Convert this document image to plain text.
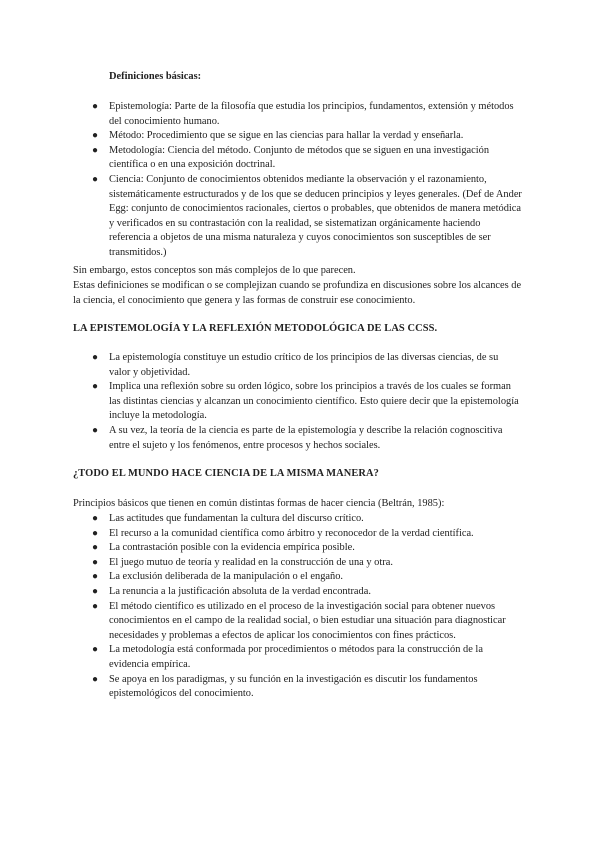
Definiciones básicas:
● Epistemología: Parte de la filosofía que estudia los principios, fundamentos, extensión y métodos del conocimiento humano.
● Método: Procedimiento que se sigue en las ciencias para hallar la verdad y enseñarla.
● Metodología: Ciencia del método. Conjunto de métodos que se siguen en una investigación científica o en una exposición doctrinal.
● Ciencia: Conjunto de conocimientos obtenidos mediante la observación y el razonamiento, sistemáticamente estructurados y de los que se deducen principios y leyes generales. (Def de Ander Egg: conjunto de conocimientos racionales, ciertos o probables, que obtenidos de manera metódica y verificados en su contrastación con la realidad, se sistematizan orgánicamente haciendo referencia a objetos de una misma naturaleza y cuyos conocimientos son susceptibles de ser transmitidos.)
Sin embargo, estos conceptos son más complejos de lo que parecen.
Estas definiciones se modifican o se complejizan cuando se profundiza en discusiones sobre los alcances de la ciencia, el conocimiento que genera y las formas de construir ese conocimiento.
LA EPISTEMOLOGÍA Y LA REFLEXIÓN METODOLÓGICA DE LAS CCSS.
● La epistemología constituye un estudio crítico de los principios de las diversas ciencias, de su valor y objetividad.
● Implica una reflexión sobre su orden lógico, sobre los principios a través de los cuales se forman las distintas ciencias y alcanzan un conocimiento científico. Esto quiere decir que la epistemología incluye la metodología.
● A su vez, la teoría de la ciencia es parte de la epistemología y describe la relación cognoscitiva entre el sujeto y los fenómenos, entre procesos y hechos sociales.
¿TODO EL MUNDO HACE CIENCIA DE LA MISMA MANERA?
Principios básicos que tienen en común distintas formas de hacer ciencia (Beltrán, 1985):
● Las actitudes que fundamentan la cultura del discurso crítico.
● El recurso a la comunidad científica como árbitro y reconocedor de la verdad científica.
● La contrastación posible con la evidencia empírica posible.
● El juego mutuo de teoría y realidad en la construcción de una y otra.
● La exclusión deliberada de la manipulación o el engaño.
● La renuncia a la justificación absoluta de la verdad encontrada.
● El método científico es utilizado en el proceso de la investigación social para obtener nuevos conocimientos en el campo de la realidad social, o bien estudiar una situación para diagnosticar necesidades y problemas a efectos de aplicar los conocimientos con fines prácticos.
● La metodología está conformada por procedimientos o métodos para la construcción de la evidencia empírica.
● Se apoya en los paradigmas, y su función en la investigación es discutir los fundamentos epistemológicos del conocimiento.
